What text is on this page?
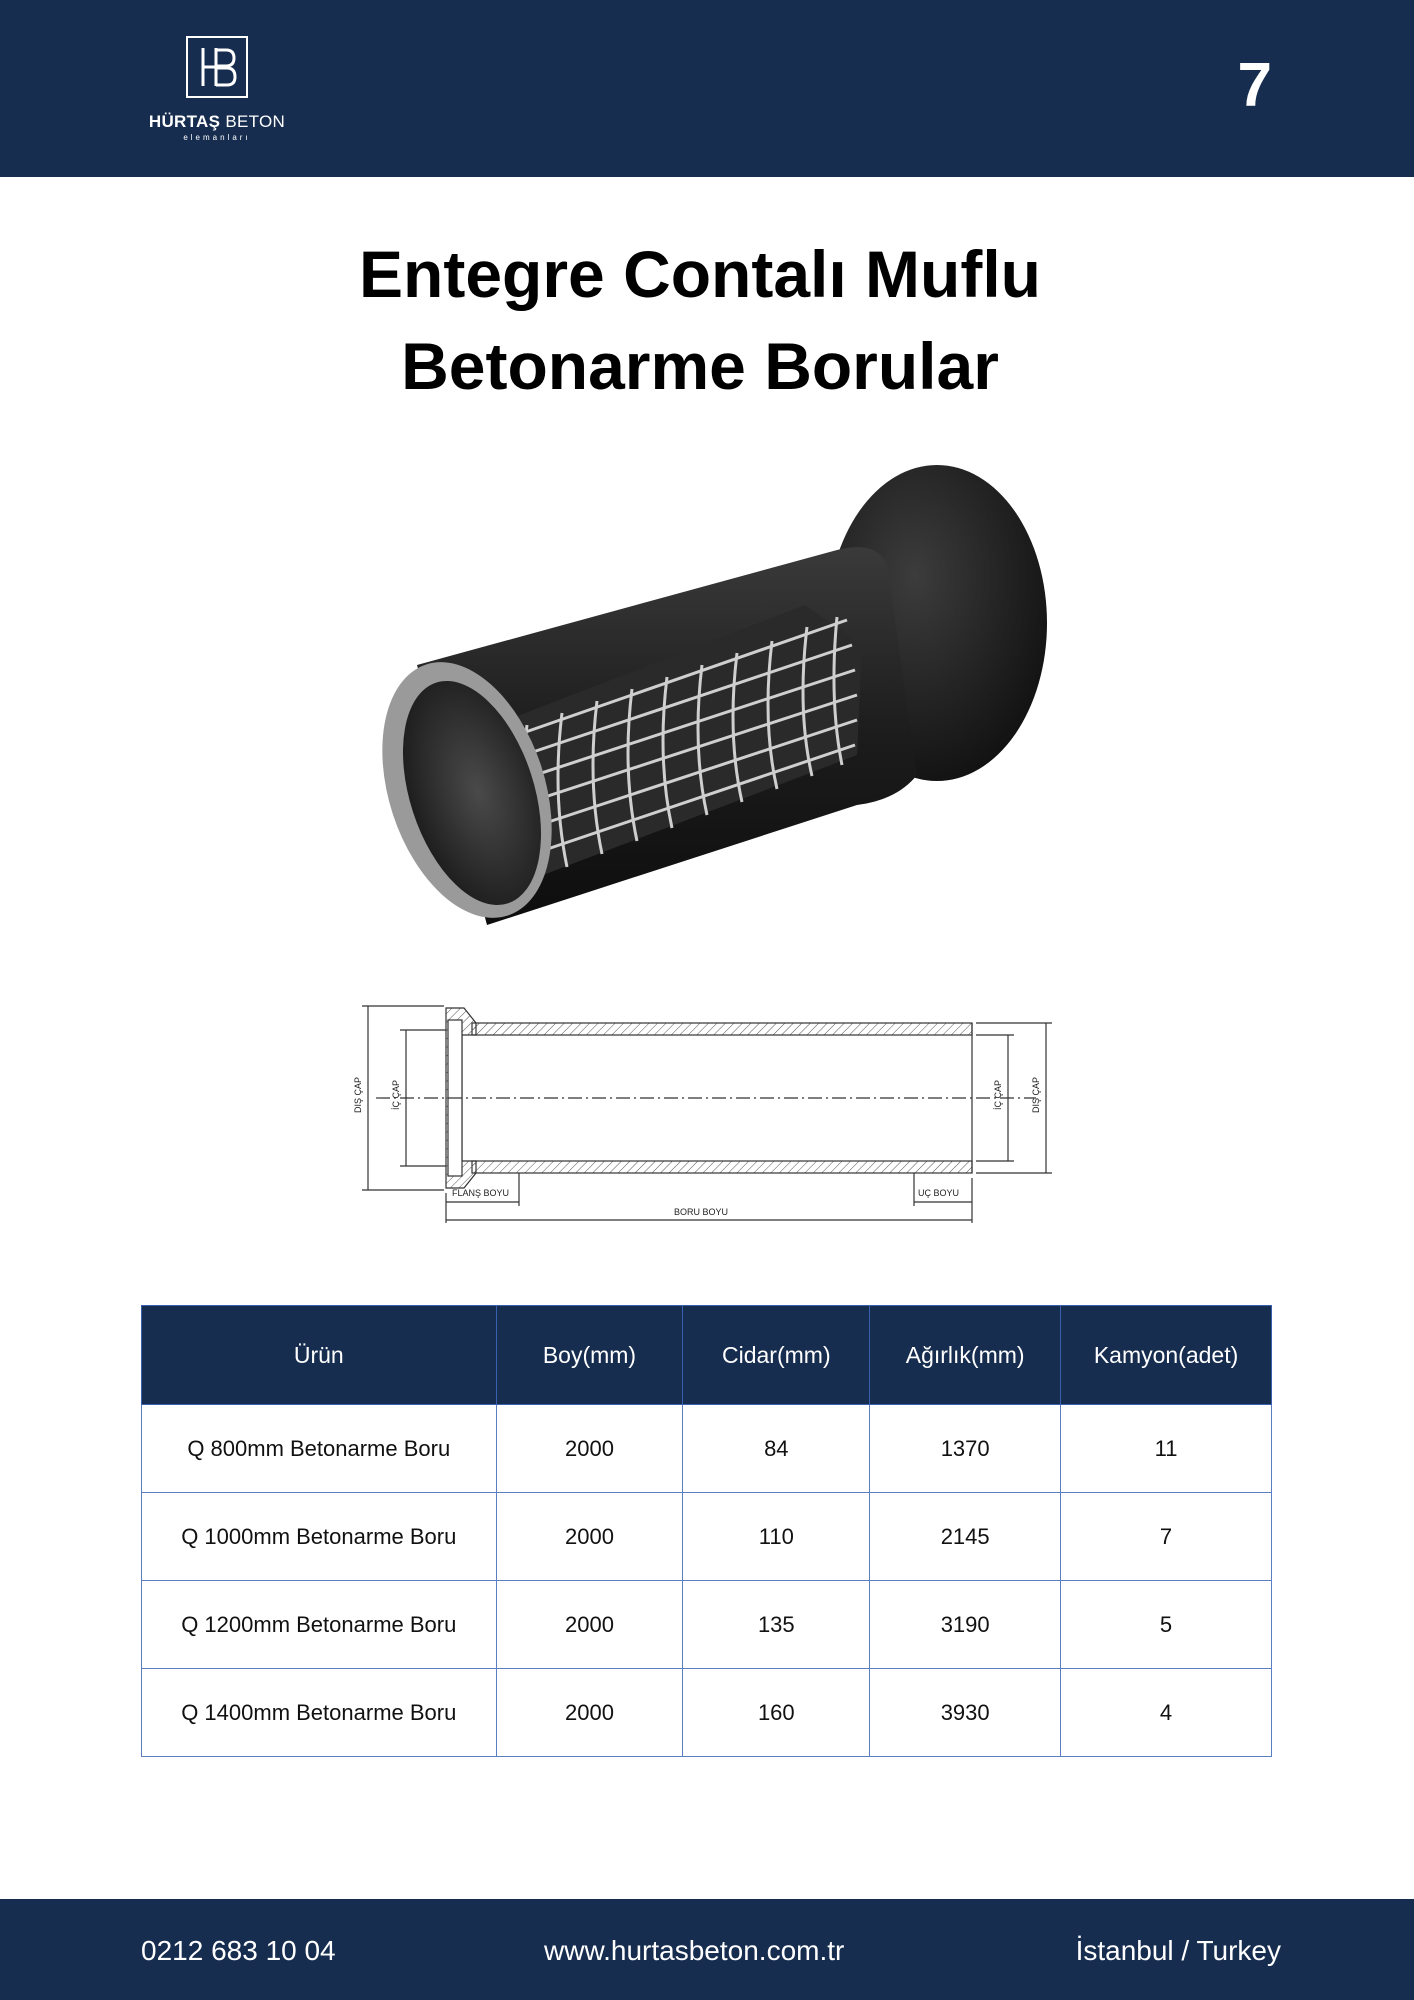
HÜRTAŞ BETON
elemanları
7
Entegre Contalı Muflu
Betonarme Borular
DIŞ ÇAP	İÇ ÇAP	İÇ ÇAP	DIŞ ÇAP
FLANŞ BOYU	UÇ BOYU
BORU BOYU
Ürün	Boy(mm)	Cidar(mm)	Ağırlık(mm)	Kamyon(adet)
Q 800mm Betonarme Boru	2000	84	1370	11
Q 1000mm Betonarme Boru	2000	110	2145	7
Q 1200mm Betonarme Boru	2000	135	3190	5
Q 1400mm Betonarme Boru	2000	160	3930	4
0212 683 10 04	www.hurtasbeton.com.tr	İstanbul / Turkey
